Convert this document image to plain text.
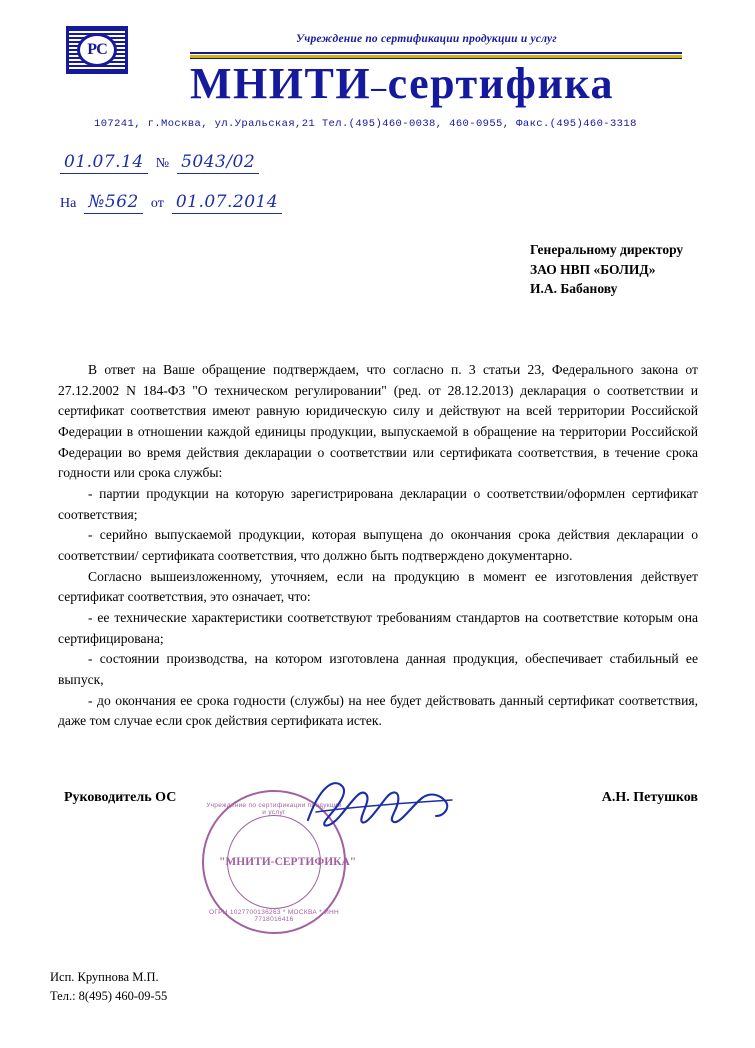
РС
Учреждение по сертификации продукции и услуг
МНИТИ–сертифика
107241, г.Москва, ул.Уральская,21 Тел.(495)460-0038, 460-0955, Факс.(495)460-3318
01.07.14 № 5043/02
На №562 от 01.07.2014
Генеральному директору
ЗАО НВП «БОЛИД»
И.А. Бабанову

В ответ на Ваше обращение подтверждаем, что согласно п. 3 статьи 23, Федерального закона от 27.12.2002 N 184-ФЗ "О техническом регулировании" (ред. от 28.12.2013) декларация о соответствии и сертификат соответствия имеют равную юридическую силу и действуют на всей территории Российской Федерации в отношении каждой единицы продукции, выпускаемой в обращение на территории Российской Федерации во время действия декларации о соответствии или сертификата соответствия, в течение срока годности или срока службы:

- партии продукции на которую зарегистрирована декларации о соответствии/оформлен сертификат соответствия;

- серийно выпускаемой продукции, которая выпущена до окончания срока действия декларации о соответствии/ сертификата соответствия, что должно быть подтверждено документарно.

Согласно вышеизложенному, уточняем, если на продукцию в момент ее изготовления действует сертификат соответствия, это означает, что:

- ее технические характеристики соответствуют требованиям стандартов на соответствие которым она сертифицирована;

- состоянии производства, на котором изготовлена данная продукция, обеспечивает стабильный ее выпуск,

- до окончания ее срока годности (службы) на нее будет действовать данный сертификат соответствия, даже том случае если срок действия сертификата истек.

Руководитель ОС	А.Н. Петушков
Учреждение по сертификации продукции и услуг
"МНИТИ-СЕРТИФИКА"
ОГРН 1027700136263 * МОСКВА * ИНН 7718016416
Исп. Крупнова М.П.
Тел.: 8(495) 460-09-55
